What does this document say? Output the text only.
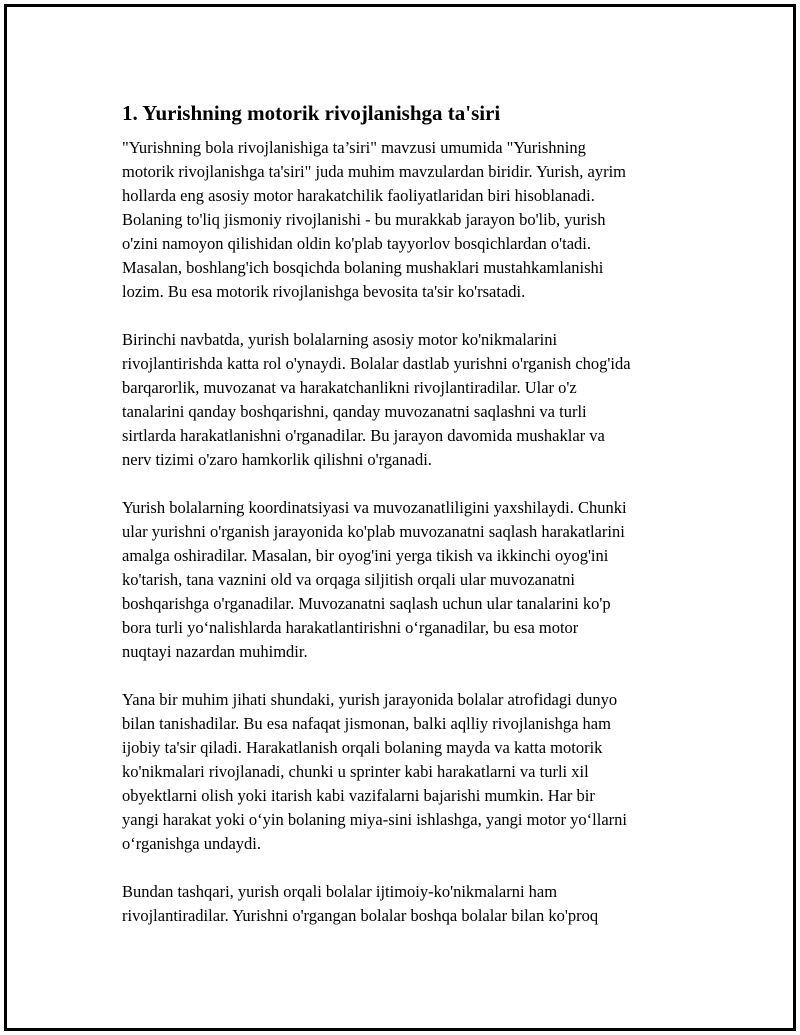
1. Yurishning motorik rivojlanishga ta'siri

"Yurishning bola rivojlanishiga ta’siri" mavzusi umumida "Yurishning
motorik rivojlanishga ta'siri" juda muhim mavzulardan biridir. Yurish, ayrim
hollarda eng asosiy motor harakatchilik faoliyatlaridan biri hisoblanadi.
Bolaning to'liq jismoniy rivojlanishi - bu murakkab jarayon bo'lib, yurish
o'zini namoyon qilishidan oldin ko'plab tayyorlov bosqichlardan o'tadi.
Masalan, boshlang'ich bosqichda bolaning mushaklari mustahkamlanishi
lozim. Bu esa motorik rivojlanishga bevosita ta'sir ko'rsatadi.

Birinchi navbatda, yurish bolalarning asosiy motor ko'nikmalarini
rivojlantirishda katta rol o'ynaydi. Bolalar dastlab yurishni o'rganish chog'ida
barqarorlik, muvozanat va harakatchanlikni rivojlantiradilar. Ular o'z
tanalarini qanday boshqarishni, qanday muvozanatni saqlashni va turli
sirtlarda harakatlanishni o'rganadilar. Bu jarayon davomida mushaklar va
nerv tizimi o'zaro hamkorlik qilishni o'rganadi.

Yurish bolalarning koordinatsiyasi va muvozanatliligini yaxshilaydi. Chunki
ular yurishni o'rganish jarayonida ko'plab muvozanatni saqlash harakatlarini
amalga oshiradilar. Masalan, bir oyog'ini yerga tikish va ikkinchi oyog'ini
ko'tarish, tana vaznini old va orqaga siljitish orqali ular muvozanatni
boshqarishga o'rganadilar. Muvozanatni saqlash uchun ular tanalarini ko'p
bora turli yo‘nalishlarda harakatlantirishni o‘rganadilar, bu esa motor
nuqtayi nazardan muhimdir.

Yana bir muhim jihati shundaki, yurish jarayonida bolalar atrofidagi dunyo
bilan tanishadilar. Bu esa nafaqat jismonan, balki aqlliy rivojlanishga ham
ijobiy ta'sir qiladi. Harakatlanish orqali bolaning mayda va katta motorik
ko'nikmalari rivojlanadi, chunki u sprinter kabi harakatlarni va turli xil
obyektlarni olish yoki itarish kabi vazifalarni bajarishi mumkin. Har bir
yangi harakat yoki o‘yin bolaning miya-sini ishlashga, yangi motor yo‘llarni
o‘rganishga undaydi.

Bundan tashqari, yurish orqali bolalar ijtimoiy-ko'nikmalarni ham
rivojlantiradilar. Yurishni o'rgangan bolalar boshqa bolalar bilan ko'proq
